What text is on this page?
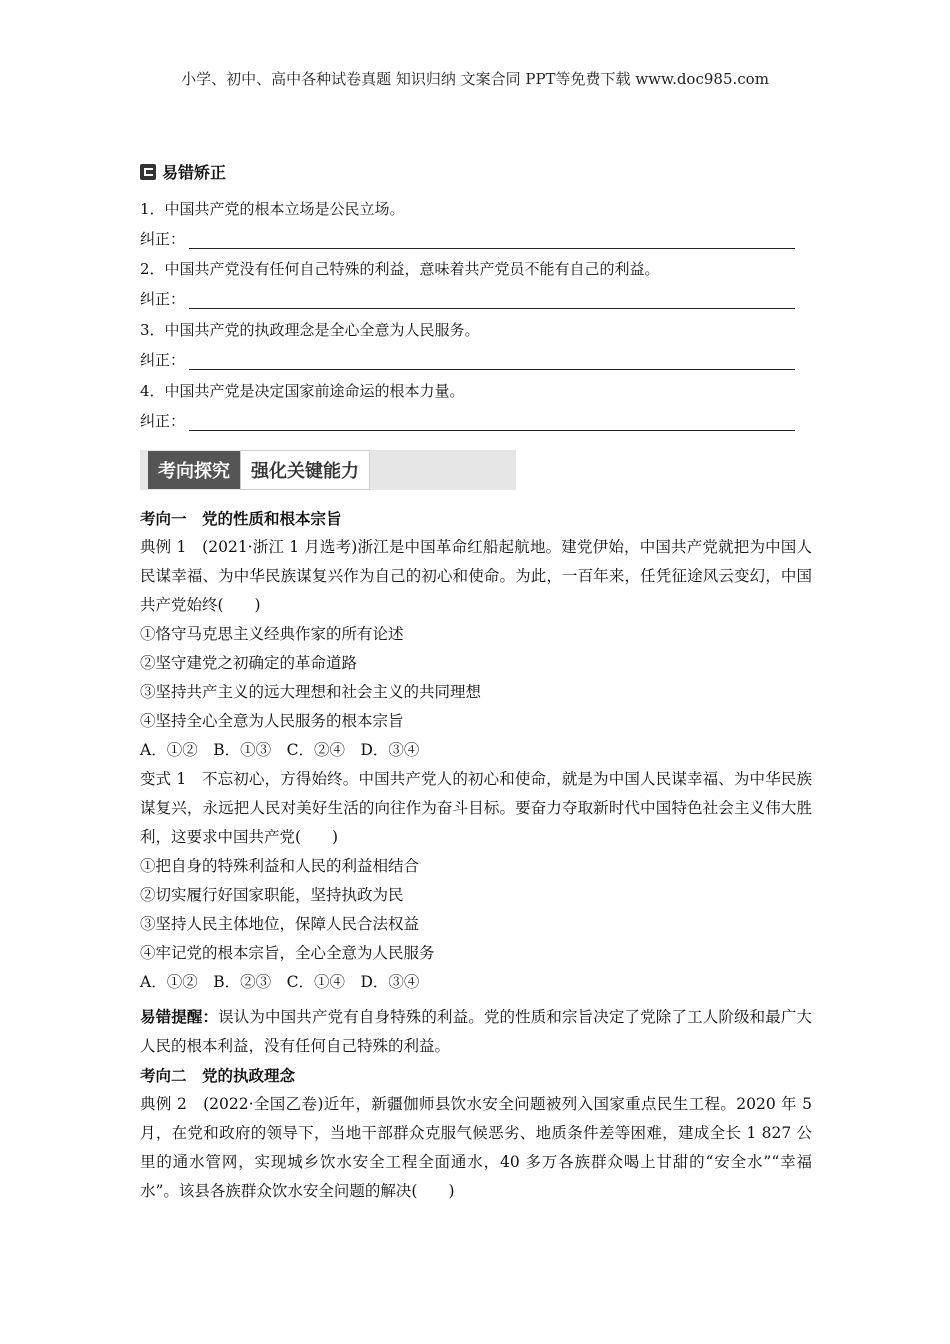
小学、初中、高中各种试卷真题 知识归纳 文案合同 PPT等免费下载 www.doc985.com
易错矫正
1．中国共产党的根本立场是公民立场。
纠正：
2．中国共产党没有任何自己特殊的利益，意味着共产党员不能有自己的利益。
纠正：
3．中国共产党的执政理念是全心全意为人民服务。
纠正：
4．中国共产党是决定国家前途命运的根本力量。
纠正：
考向探究	强化关键能力
考向一　党的性质和根本宗旨
典例 1　(2021·浙江 1 月选考)浙江是中国革命红船起航地。建党伊始，中国共产党就把为中国人民谋幸福、为中华民族谋复兴作为自己的初心和使命。为此，一百年来，任凭征途风云变幻，中国共产党始终(　　)
①恪守马克思主义经典作家的所有论述
②坚守建党之初确定的革命道路
③坚持共产主义的远大理想和社会主义的共同理想
④坚持全心全意为人民服务的根本宗旨
A．①②　B．①③　C．②④　D．③④
变式 1　不忘初心，方得始终。中国共产党人的初心和使命，就是为中国人民谋幸福、为中华民族谋复兴，永远把人民对美好生活的向往作为奋斗目标。要奋力夺取新时代中国特色社会主义伟大胜利，这要求中国共产党(　　)
①把自身的特殊利益和人民的利益相结合
②切实履行好国家职能，坚持执政为民
③坚持人民主体地位，保障人民合法权益
④牢记党的根本宗旨，全心全意为人民服务
A．①②　B．②③　C．①④　D．③④
易错提醒：误认为中国共产党有自身特殊的利益。党的性质和宗旨决定了党除了工人阶级和最广大人民的根本利益，没有任何自己特殊的利益。
考向二　党的执政理念
典例 2　(2022·全国乙卷)近年，新疆伽师县饮水安全问题被列入国家重点民生工程。2020 年 5 月，在党和政府的领导下，当地干部群众克服气候恶劣、地质条件差等困难，建成全长 1 827 公里的通水管网，实现城乡饮水安全工程全面通水，40 多万各族群众喝上甘甜的“安全水”“幸福水”。该县各族群众饮水安全问题的解决(　　)
